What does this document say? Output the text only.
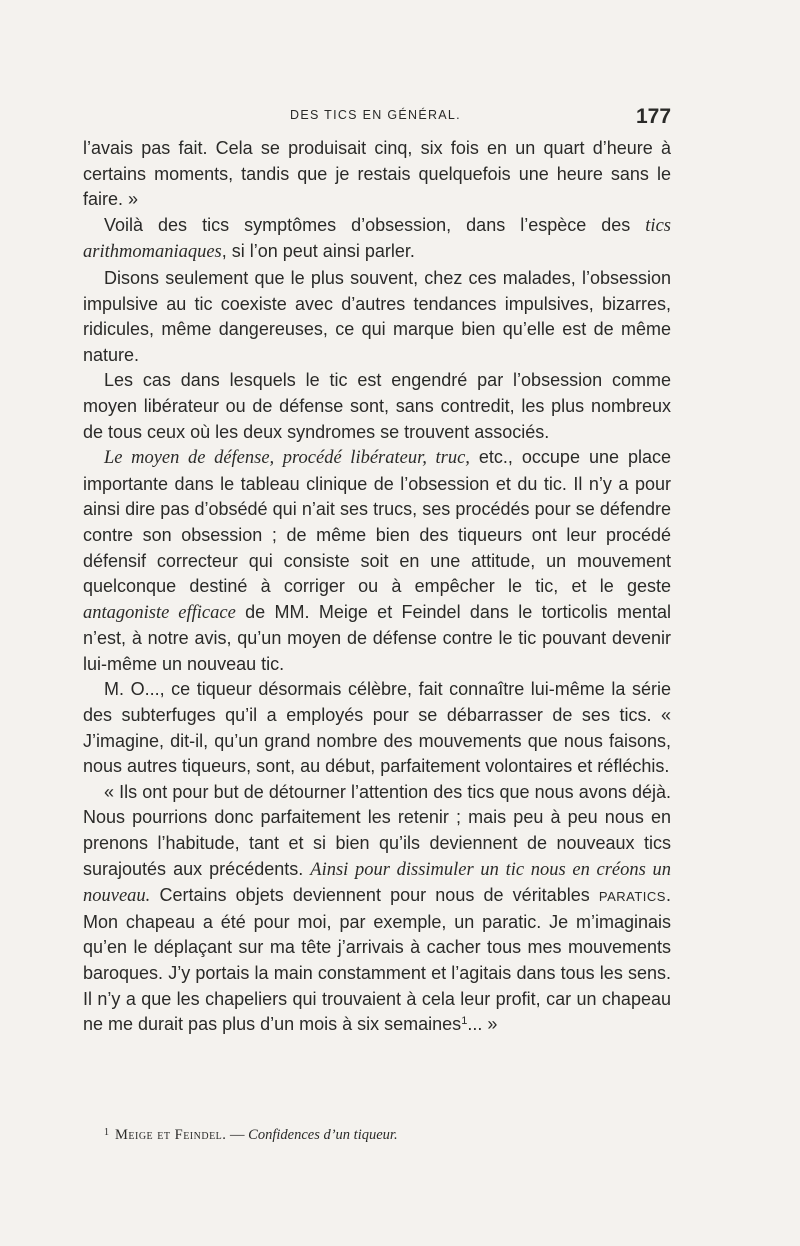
DES TICS EN GÉNÉRAL.	177

l’avais pas fait. Cela se produisait cinq, six fois en un quart d’heure à certains moments, tandis que je restais quelquefois une heure sans le faire. »

Voilà des tics symptômes d’obsession, dans l’espèce des tics arithmomaniaques, si l’on peut ainsi parler.

Disons seulement que le plus souvent, chez ces malades, l’obsession impulsive au tic coexiste avec d’autres tendances impulsives, bizarres, ridicules, même dangereuses, ce qui marque bien qu’elle est de même nature.

Les cas dans lesquels le tic est engendré par l’obsession comme moyen libérateur ou de défense sont, sans contredit, les plus nombreux de tous ceux où les deux syndromes se trouvent associés.

Le moyen de défense, procédé libérateur, truc, etc., occupe une place importante dans le tableau clinique de l’obsession et du tic. Il n’y a pour ainsi dire pas d’obsédé qui n’ait ses trucs, ses procédés pour se défendre contre son obsession ; de même bien des tiqueurs ont leur procédé défensif correcteur qui consiste soit en une attitude, un mouvement quelconque destiné à corriger ou à empêcher le tic, et le geste antagoniste efficace de MM. Meige et Feindel dans le torticolis mental n’est, à notre avis, qu’un moyen de défense contre le tic pouvant devenir lui-même un nouveau tic.

M. O..., ce tiqueur désormais célèbre, fait connaître lui-même la série des subterfuges qu’il a employés pour se débarrasser de ses tics. « J’imagine, dit-il, qu’un grand nombre des mouvements que nous faisons, nous autres tiqueurs, sont, au début, parfaitement volontaires et réfléchis.

« Ils ont pour but de détourner l’attention des tics que nous avons déjà. Nous pourrions donc parfaitement les retenir ; mais peu à peu nous en prenons l’habitude, tant et si bien qu’ils deviennent de nouveaux tics surajoutés aux précédents. Ainsi pour dissimuler un tic nous en créons un nouveau. Certains objets deviennent pour nous de véritables paratics. Mon chapeau a été pour moi, par exemple, un paratic. Je m’imaginais qu’en le déplaçant sur ma tête j’arrivais à cacher tous mes mouvements baroques. J’y portais la main constamment et l’agitais dans tous les sens. Il n’y a que les chapeliers qui trouvaient à cela leur profit, car un chapeau ne me durait pas plus d’un mois à six semaines$^1$... »

$^1$ Meige et Feindel. — Confidences d’un tiqueur.
